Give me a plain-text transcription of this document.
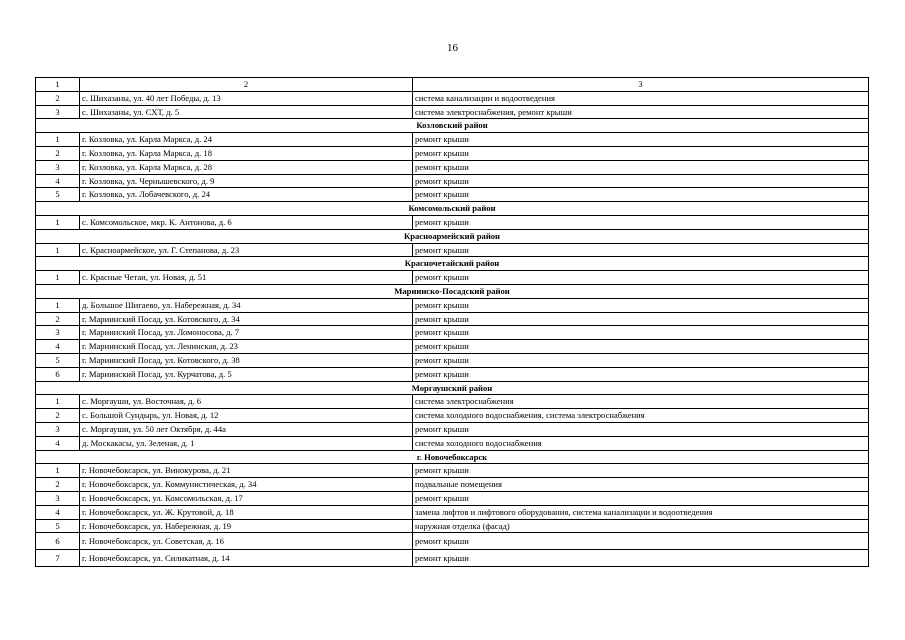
16
1	2	3
2	с. Шихазаны, ул. 40 лет Победы, д. 13	система канализации и водоотведения
3	с. Шихазаны, ул. СХТ, д. 5	система электроснабжения, ремонт крыши
Козловский район		
1	г. Козловка, ул. Карла Маркса, д. 24	ремонт крыши
2	г. Козловка, ул. Карла Маркса, д. 18	ремонт крыши
3	г. Козловка, ул. Карла Маркса, д. 28	ремонт крыши
4	г. Козловка, ул. Чернышевского, д. 9	ремонт крыши
5	г. Козловка, ул. Лобачевского, д. 24	ремонт крыши
Комсомольский район		
1	с. Комсомольское, мкр. К. Антонова, д. 6	ремонт крыши
Красноармейский район		
1	с. Красноармейское, ул. Г. Степанова, д. 23	ремонт крыши
Красночетайский район		
1	с. Красные Четаи, ул. Новая, д. 51	ремонт крыши
Мариинско-Посадский район		
1	д. Большое Шигаево, ул. Набережная, д. 34	ремонт крыши
2	г. Мариинский Посад, ул. Котовского, д. 34	ремонт крыши
3	г. Мариинский Посад, ул. Ломоносова, д. 7	ремонт крыши
4	г. Мариинский Посад, ул. Ленинская, д. 23	ремонт крыши
5	г. Мариинский Посад, ул. Котовского, д. 38	ремонт крыши
6	г. Мариинский Посад, ул. Курчатова, д. 5	ремонт крыши
Моргаушский район		
1	с. Моргауши, ул. Восточная, д. 6	система электроснабжения
2	с. Большой Сундырь, ул. Новая, д. 12	система холодного водоснабжения, система электроснабжения
3	с. Моргауши, ул. 50 лет Октября, д. 44а	ремонт крыши
4	д. Москакасы, ул. Зеленая, д. 1	система холодного водоснабжения
г. Новочебоксарск		
1	г. Новочебоксарск, ул. Винокурова, д. 21	ремонт крыши
2	г. Новочебоксарск, ул. Коммунистическая, д. 34	подвальные помещения
3	г. Новочебоксарск, ул. Комсомольская, д. 17	ремонт крыши
4	г. Новочебоксарск, ул. Ж. Крутовой, д. 18	замена лифтов и лифтового оборудования, система канализации и водоотведения
5	г. Новочебоксарск, ул. Набережная, д. 19	наружная отделка (фасад)
6	г. Новочебоксарск, ул. Советская, д. 16	ремонт крыши
7	г. Новочебоксарск, ул. Силикатная, д. 14	ремонт крыши
